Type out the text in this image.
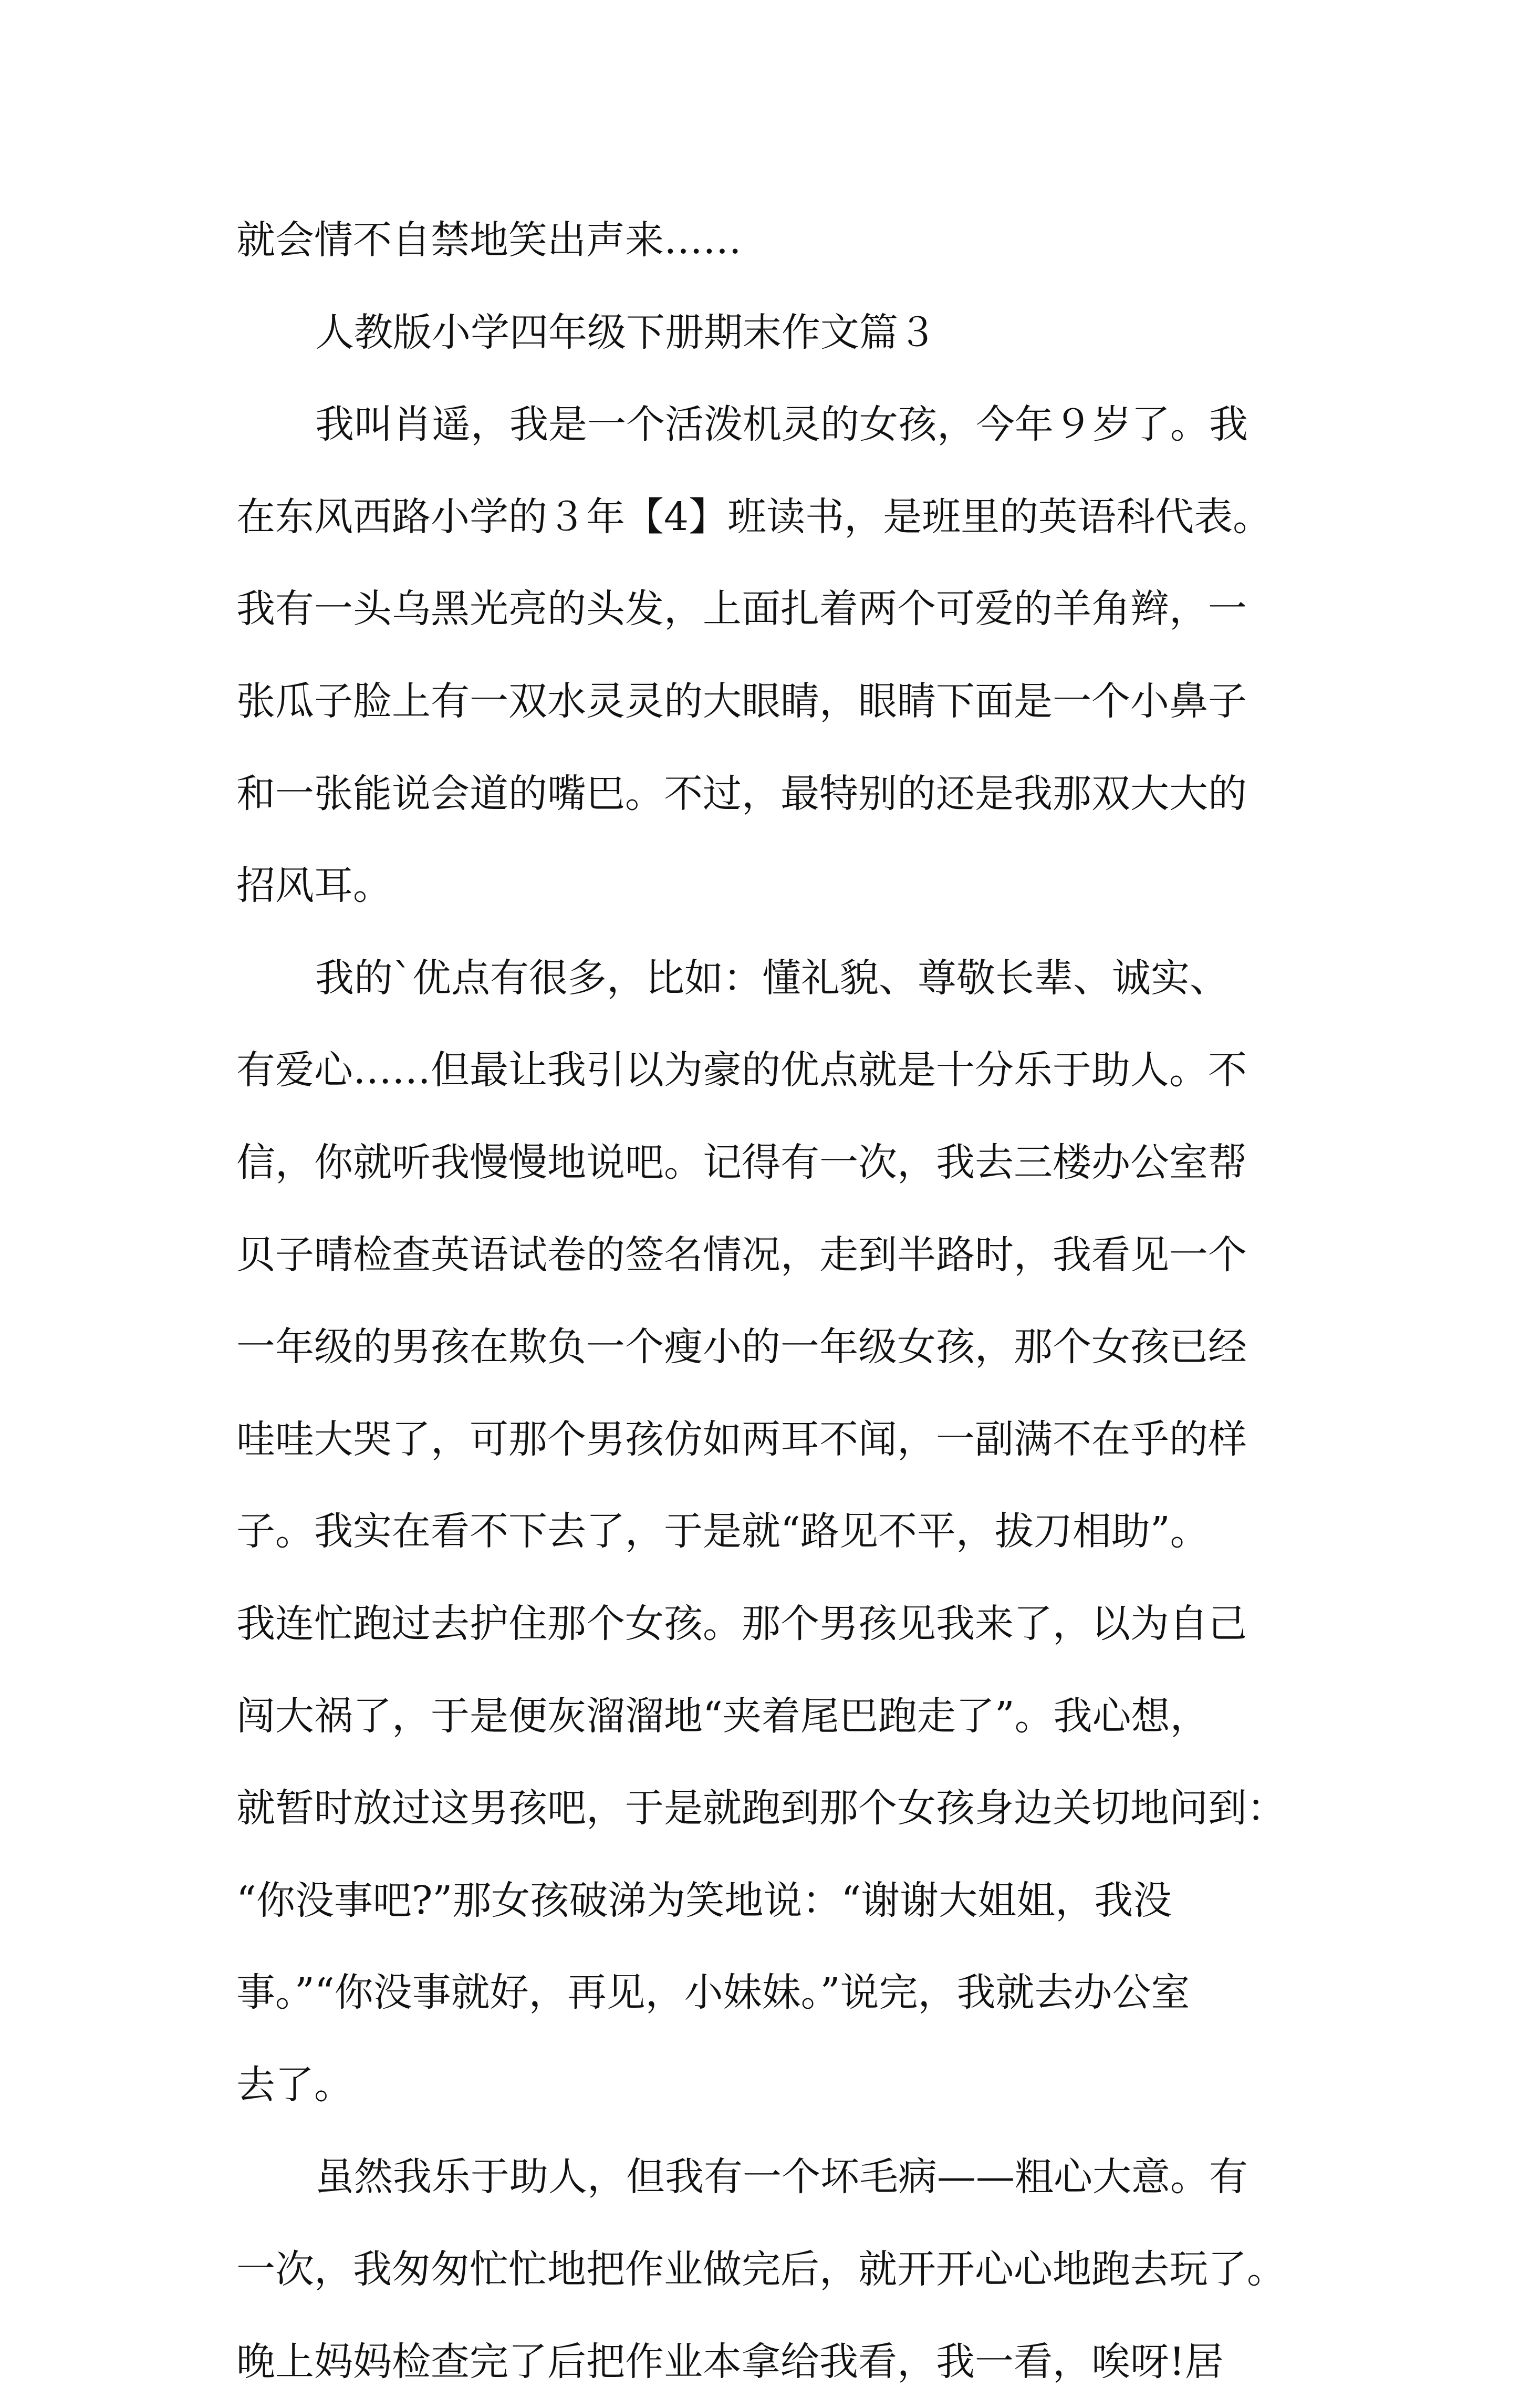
就会情不自禁地笑出声来……
人教版小学四年级下册期末作文篇３
我叫肖遥，我是一个活泼机灵的女孩，今年９岁了。我
在东风西路小学的３年【4】班读书，是班里的英语科代表。
我有一头乌黑光亮的头发，上面扎着两个可爱的羊角辫，一
张瓜子脸上有一双水灵灵的大眼睛，眼睛下面是一个小鼻子
和一张能说会道的嘴巴。不过，最特别的还是我那双大大的
招风耳。
我的`优点有很多，比如：懂礼貌、尊敬长辈、诚实、
有爱心……但最让我引以为豪的优点就是十分乐于助人。不
信，你就听我慢慢地说吧。记得有一次，我去三楼办公室帮
贝子晴检查英语试卷的签名情况，走到半路时，我看见一个
一年级的男孩在欺负一个瘦小的一年级女孩，那个女孩已经
哇哇大哭了，可那个男孩仿如两耳不闻，一副满不在乎的样
子。我实在看不下去了，于是就“路见不平，拔刀相助”。
我连忙跑过去护住那个女孩。那个男孩见我来了，以为自己
闯大祸了，于是便灰溜溜地“夹着尾巴跑走了”。我心想，
就暂时放过这男孩吧，于是就跑到那个女孩身边关切地问到：
“你没事吧?”那女孩破涕为笑地说：“谢谢大姐姐，我没
事。”“你没事就好，再见，小妹妹。”说完，我就去办公室
去了。
虽然我乐于助人，但我有一个坏毛病——粗心大意。有
一次，我匆匆忙忙地把作业做完后，就开开心心地跑去玩了。
晚上妈妈检查完了后把作业本拿给我看，我一看，唉呀!居
